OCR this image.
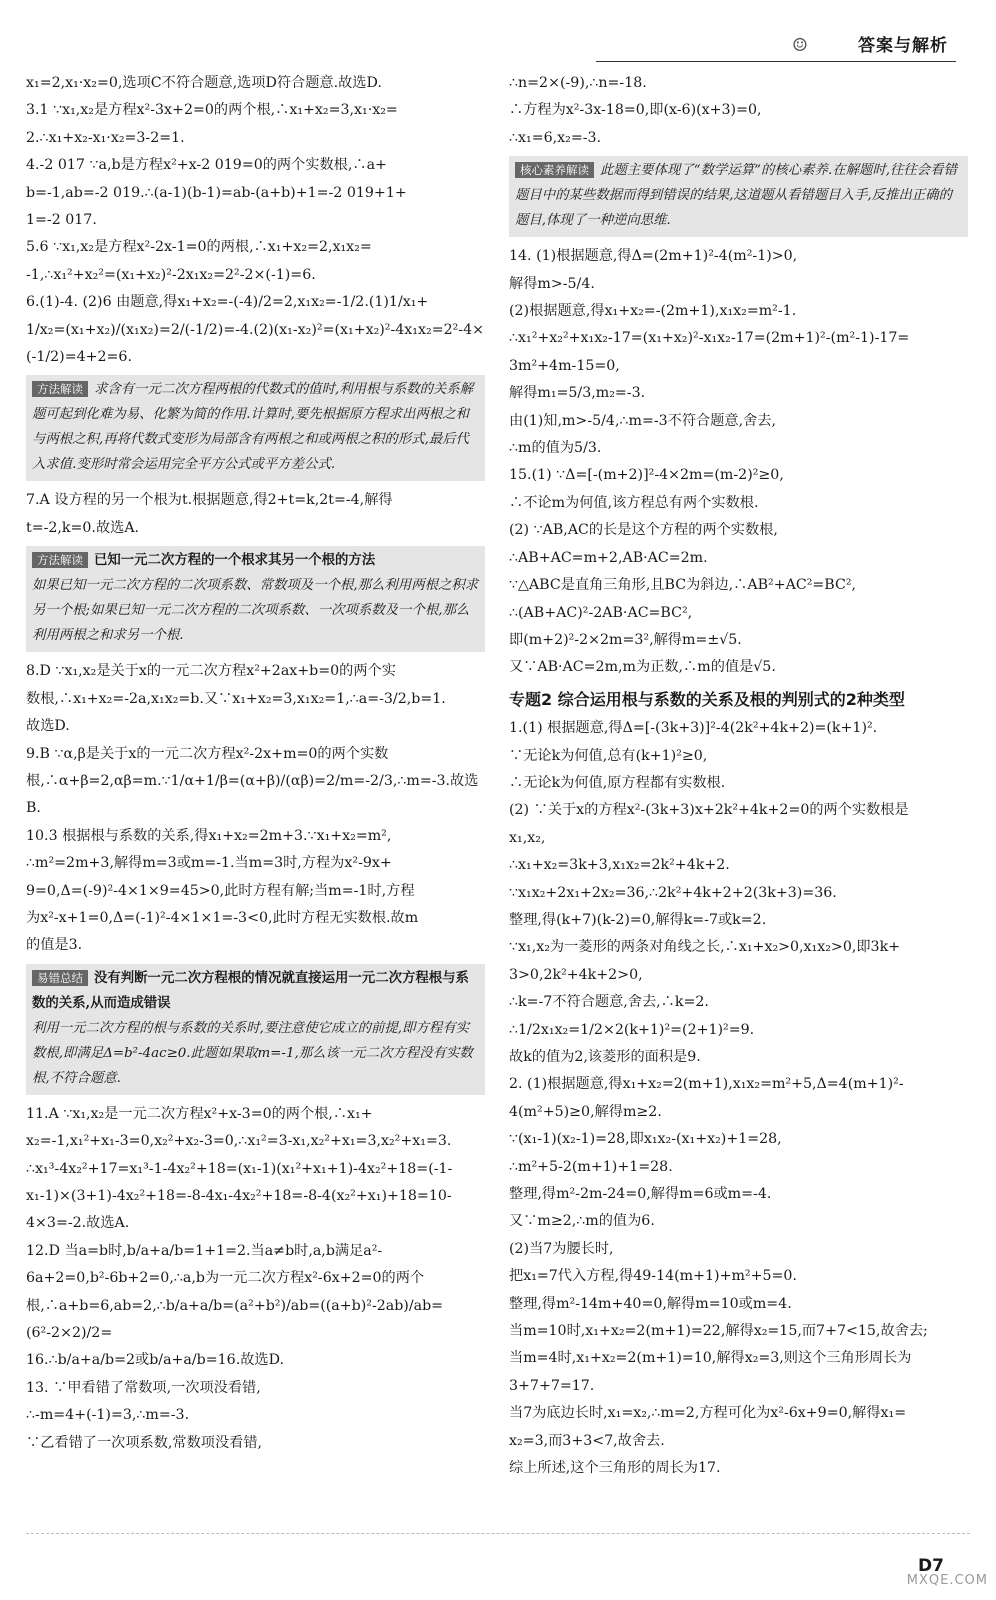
☺	答案与解析

x₁=2,x₁·x₂=0,选项C不符合题意,选项D符合题意.故选D.

3.1 ∵x₁,x₂是方程x²-3x+2=0的两个根,∴x₁+x₂=3,x₁·x₂=

2.∴x₁+x₂-x₁·x₂=3-2=1.

4.-2 017 ∵a,b是方程x²+x-2 019=0的两个实数根,∴a+

b=-1,ab=-2 019.∴(a-1)(b-1)=ab-(a+b)+1=-2 019+1+

1=-2 017.

5.6 ∵x₁,x₂是方程x²-2x-1=0的两根,∴x₁+x₂=2,x₁x₂=

-1,∴x₁²+x₂²=(x₁+x₂)²-2x₁x₂=2²-2×(-1)=6.

6.(1)-4. (2)6 由题意,得x₁+x₂=-(-4)/2=2,x₁x₂=-1/2.(1)1/x₁+

1/x₂=(x₁+x₂)/(x₁x₂)=2/(-1/2)=-4.(2)(x₁-x₂)²=(x₁+x₂)²-4x₁x₂=2²-4×

(-1/2)=4+2=6.

方法解读 求含有一元二次方程两根的代数式的值时,利用根与系数的关系解题可起到化难为易、化繁为简的作用.计算时,要先根据原方程求出两根之和与两根之积,再将代数式变形为局部含有两根之和或两根之积的形式,最后代入求值.变形时常会运用完全平方公式或平方差公式.

7.A 设方程的另一个根为t.根据题意,得2+t=k,2t=-4,解得

t=-2,k=0.故选A.

方法解读 已知一元二次方程的一个根求其另一个根的方法
如果已知一元二次方程的二次项系数、常数项及一个根,那么利用两根之积求另一个根;如果已知一元二次方程的二次项系数、一次项系数及一个根,那么利用两根之和求另一个根.

8.D ∵x₁,x₂是关于x的一元二次方程x²+2ax+b=0的两个实

数根,∴x₁+x₂=-2a,x₁x₂=b.又∵x₁+x₂=3,x₁x₂=1,∴a=-3/2,b=1.

故选D.

9.B ∵α,β是关于x的一元二次方程x²-2x+m=0的两个实数

根,∴α+β=2,αβ=m.∵1/α+1/β=(α+β)/(αβ)=2/m=-2/3,∴m=-3.故选B.

10.3 根据根与系数的关系,得x₁+x₂=2m+3.∵x₁+x₂=m²,

∴m²=2m+3,解得m=3或m=-1.当m=3时,方程为x²-9x+

9=0,Δ=(-9)²-4×1×9=45>0,此时方程有解;当m=-1时,方程

为x²-x+1=0,Δ=(-1)²-4×1×1=-3<0,此时方程无实数根.故m

的值是3.

易错总结 没有判断一元二次方程根的情况就直接运用一元二次方程根与系数的关系,从而造成错误
利用一元二次方程的根与系数的关系时,要注意使它成立的前提,即方程有实数根,即满足Δ=b²-4ac≥0.此题如果取m=-1,那么该一元二次方程没有实数根,不符合题意.

11.A ∵x₁,x₂是一元二次方程x²+x-3=0的两个根,∴x₁+

x₂=-1,x₁²+x₁-3=0,x₂²+x₂-3=0,∴x₁²=3-x₁,x₂²+x₁=3,x₂²+x₁=3.

∴x₁³-4x₂²+17=x₁³-1-4x₂²+18=(x₁-1)(x₁²+x₁+1)-4x₂²+18=(-1-

x₁-1)×(3+1)-4x₂²+18=-8-4x₁-4x₂²+18=-8-4(x₂²+x₁)+18=10-

4×3=-2.故选A.

12.D 当a=b时,b/a+a/b=1+1=2.当a≠b时,a,b满足a²-

6a+2=0,b²-6b+2=0,∴a,b为一元二次方程x²-6x+2=0的两个

根,∴a+b=6,ab=2,∴b/a+a/b=(a²+b²)/ab=((a+b)²-2ab)/ab=(6²-2×2)/2=

16.∴b/a+a/b=2或b/a+a/b=16.故选D.

13. ∵甲看错了常数项,一次项没看错,

∴-m=4+(-1)=3,∴m=-3.

∵乙看错了一次项系数,常数项没看错,

∴n=2×(-9),∴n=-18.

∴方程为x²-3x-18=0,即(x-6)(x+3)=0,

∴x₁=6,x₂=-3.

核心素养解读 此题主要体现了“数学运算”的核心素养.在解题时,往往会看错题目中的某些数据而得到错误的结果,这道题从看错题目入手,反推出正确的题目,体现了一种逆向思维.

14. (1)根据题意,得Δ=(2m+1)²-4(m²-1)>0,

解得m>-5/4.

(2)根据题意,得x₁+x₂=-(2m+1),x₁x₂=m²-1.

∴x₁²+x₂²+x₁x₂-17=(x₁+x₂)²-x₁x₂-17=(2m+1)²-(m²-1)-17=

3m²+4m-15=0,

解得m₁=5/3,m₂=-3.

由(1)知,m>-5/4,∴m=-3不符合题意,舍去,

∴m的值为5/3.

15.(1) ∵Δ=[-(m+2)]²-4×2m=(m-2)²≥0,

∴不论m为何值,该方程总有两个实数根.

(2) ∵AB,AC的长是这个方程的两个实数根,

∴AB+AC=m+2,AB·AC=2m.

∵△ABC是直角三角形,且BC为斜边,∴AB²+AC²=BC²,

∴(AB+AC)²-2AB·AC=BC²,

即(m+2)²-2×2m=3²,解得m=±√5.

又∵AB·AC=2m,m为正数,∴m的值是√5.

专题2 综合运用根与系数的关系及根的判别式的2种类型

1.(1) 根据题意,得Δ=[-(3k+3)]²-4(2k²+4k+2)=(k+1)².

∵无论k为何值,总有(k+1)²≥0,

∴无论k为何值,原方程都有实数根.

(2) ∵关于x的方程x²-(3k+3)x+2k²+4k+2=0的两个实数根是

x₁,x₂,

∴x₁+x₂=3k+3,x₁x₂=2k²+4k+2.

∵x₁x₂+2x₁+2x₂=36,∴2k²+4k+2+2(3k+3)=36.

整理,得(k+7)(k-2)=0,解得k=-7或k=2.

∵x₁,x₂为一菱形的两条对角线之长,∴x₁+x₂>0,x₁x₂>0,即3k+

3>0,2k²+4k+2>0,

∴k=-7不符合题意,舍去,∴k=2.

∴1/2x₁x₂=1/2×2(k+1)²=(2+1)²=9.

故k的值为2,该菱形的面积是9.

2. (1)根据题意,得x₁+x₂=2(m+1),x₁x₂=m²+5,Δ=4(m+1)²-

4(m²+5)≥0,解得m≥2.

∵(x₁-1)(x₂-1)=28,即x₁x₂-(x₁+x₂)+1=28,

∴m²+5-2(m+1)+1=28.

整理,得m²-2m-24=0,解得m=6或m=-4.

又∵m≥2,∴m的值为6.

(2)当7为腰长时,

把x₁=7代入方程,得49-14(m+1)+m²+5=0.

整理,得m²-14m+40=0,解得m=10或m=4.

当m=10时,x₁+x₂=2(m+1)=22,解得x₂=15,而7+7<15,故舍去;

当m=4时,x₁+x₂=2(m+1)=10,解得x₂=3,则这个三角形周长为

3+7+7=17.

当7为底边长时,x₁=x₂,∴m=2,方程可化为x²-6x+9=0,解得x₁=

x₂=3,而3+3<7,故舍去.

综上所述,这个三角形的周长为17.

D7
MXQE.COM
